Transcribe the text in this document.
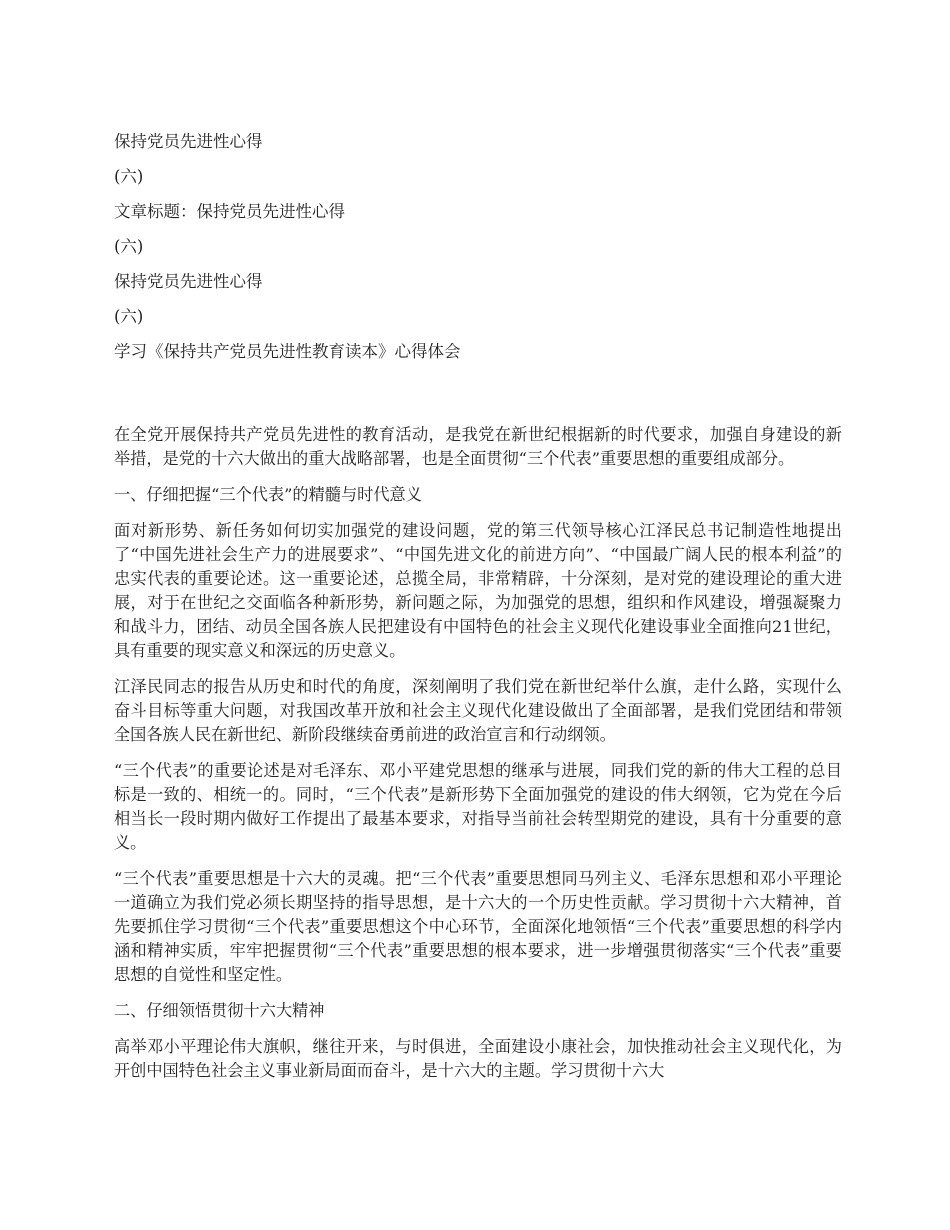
保持党员先进性心得

(六)

文章标题：保持党员先进性心得

(六)

保持党员先进性心得

(六)

学习《保持共产党员先进性教育读本》心得体会

在全党开展保持共产党员先进性的教育活动，是我党在新世纪根据新的时代要求，加强自身建设的新举措，是党的十六大做出的重大战略部署，也是全面贯彻“三个代表”重要思想的重要组成部分。

一、仔细把握“三个代表”的精髓与时代意义

面对新形势、新任务如何切实加强党的建设问题，党的第三代领导核心江泽民总书记制造性地提出了“中国先进社会生产力的进展要求”、“中国先进文化的前进方向”、“中国最广阔人民的根本利益”的忠实代表的重要论述。这一重要论述，总揽全局，非常精辟，十分深刻，是对党的建设理论的重大进展，对于在世纪之交面临各种新形势，新问题之际，为加强党的思想，组织和作风建设，增强凝聚力和战斗力，团结、动员全国各族人民把建设有中国特色的社会主义现代化建设事业全面推向21世纪，具有重要的现实意义和深远的历史意义。

江泽民同志的报告从历史和时代的角度，深刻阐明了我们党在新世纪举什么旗，走什么路，实现什么奋斗目标等重大问题，对我国改革开放和社会主义现代化建设做出了全面部署，是我们党团结和带领全国各族人民在新世纪、新阶段继续奋勇前进的政治宣言和行动纲领。

“三个代表”的重要论述是对毛泽东、邓小平建党思想的继承与进展，同我们党的新的伟大工程的总目标是一致的、相统一的。同时，“三个代表”是新形势下全面加强党的建设的伟大纲领，它为党在今后相当长一段时期内做好工作提出了最基本要求，对指导当前社会转型期党的建设，具有十分重要的意义。

“三个代表”重要思想是十六大的灵魂。把“三个代表”重要思想同马列主义、毛泽东思想和邓小平理论一道确立为我们党必须长期坚持的指导思想，是十六大的一个历史性贡献。学习贯彻十六大精神，首先要抓住学习贯彻“三个代表”重要思想这个中心环节，全面深化地领悟“三个代表”重要思想的科学内涵和精神实质，牢牢把握贯彻“三个代表”重要思想的根本要求，进一步增强贯彻落实“三个代表”重要思想的自觉性和坚定性。

二、仔细领悟贯彻十六大精神

高举邓小平理论伟大旗帜，继往开来，与时俱进，全面建设小康社会，加快推动社会主义现代化，为开创中国特色社会主义事业新局面而奋斗，是十六大的主题。学习贯彻十六大
